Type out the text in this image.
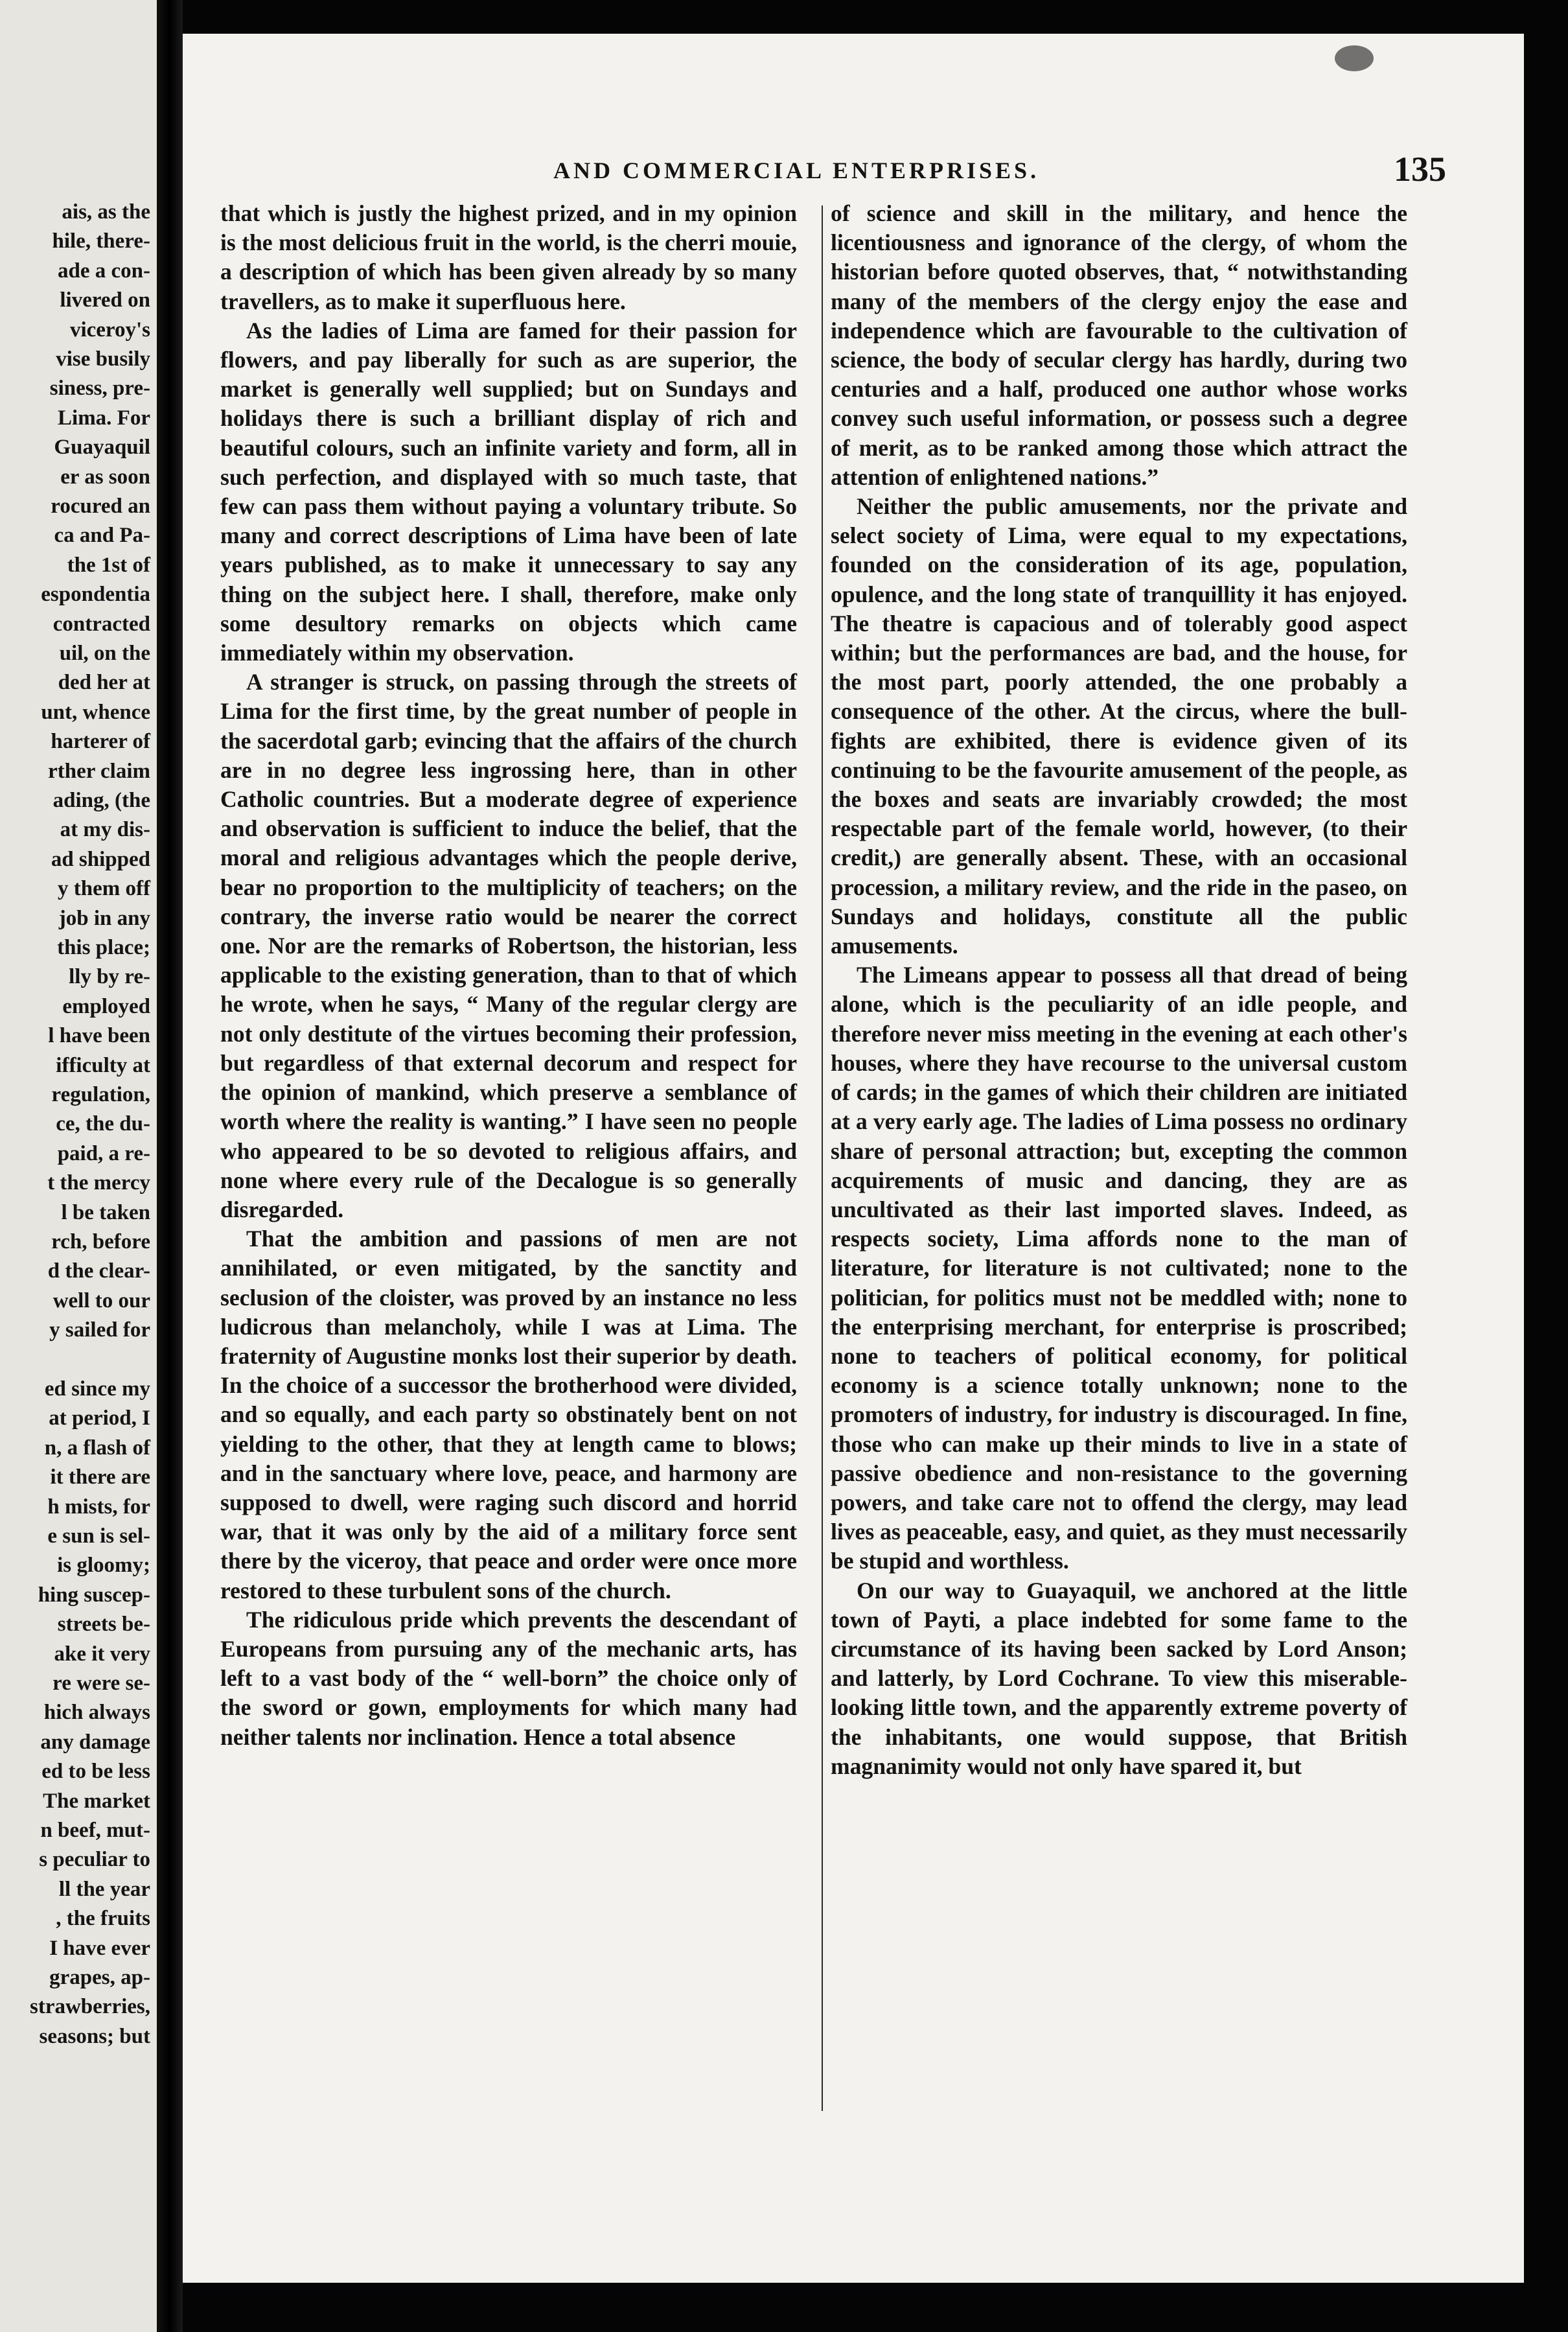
ais, as the
hile, there-
ade a con-
livered on
viceroy's
vise busily
siness, pre-
Lima. For
Guayaquil
er as soon
rocured an
ca and Pa-
the 1st of
espondentia
contracted
uil, on the
ded her at
unt, whence
harterer of
rther claim
ading, (the
at my dis-
ad shipped
y them off
job in any
this place;
lly by re-
employed
l have been
ifficulty at
regulation,
ce, the du-
paid, a re-
t the mercy
l be taken
rch, before
d the clear-
well to our
y sailed for
ed since my
at period, I
n, a flash of
it there are
h mists, for
e sun is sel-
is gloomy;
hing suscep-
streets be-
ake it very
re were se-
hich always
any damage
ed to be less
The market
n beef, mut-
s peculiar to
ll the year
, the fruits
I have ever
grapes, ap-
strawberries,
seasons; but
AND COMMERCIAL ENTERPRISES.	135

that which is justly the highest prized, and in my opinion is the most delicious fruit in the world, is the cherri mouie, a description of which has been given already by so many travellers, as to make it superfluous here.

As the ladies of Lima are famed for their passion for flowers, and pay liberally for such as are superior, the market is generally well supplied; but on Sundays and holidays there is such a brilliant display of rich and beautiful colours, such an infinite variety and form, all in such perfection, and displayed with so much taste, that few can pass them without paying a voluntary tribute. So many and correct descriptions of Lima have been of late years published, as to make it unnecessary to say any thing on the subject here. I shall, therefore, make only some desultory remarks on objects which came immediately within my observation.

A stranger is struck, on passing through the streets of Lima for the first time, by the great number of people in the sacerdotal garb; evincing that the affairs of the church are in no degree less ingrossing here, than in other Catholic countries. But a moderate degree of experience and observation is sufficient to induce the belief, that the moral and religious advantages which the people derive, bear no proportion to the multiplicity of teachers; on the contrary, the inverse ratio would be nearer the correct one. Nor are the remarks of Robertson, the historian, less applicable to the existing generation, than to that of which he wrote, when he says, “ Many of the regular clergy are not only destitute of the virtues becoming their profession, but regardless of that external decorum and respect for the opinion of mankind, which preserve a semblance of worth where the reality is wanting.” I have seen no people who appeared to be so devoted to religious affairs, and none where every rule of the Decalogue is so generally disregarded.

That the ambition and passions of men are not annihilated, or even mitigated, by the sanctity and seclusion of the cloister, was proved by an instance no less ludicrous than melancholy, while I was at Lima. The fraternity of Augustine monks lost their superior by death. In the choice of a successor the brotherhood were divided, and so equally, and each party so obstinately bent on not yielding to the other, that they at length came to blows; and in the sanctuary where love, peace, and harmony are supposed to dwell, were raging such discord and horrid war, that it was only by the aid of a military force sent there by the viceroy, that peace and order were once more restored to these turbulent sons of the church.

The ridiculous pride which prevents the descendant of Europeans from pursuing any of the mechanic arts, has left to a vast body of the “ well-born” the choice only of the sword or gown, employments for which many had neither talents nor inclination. Hence a total absence

of science and skill in the military, and hence the licentiousness and ignorance of the clergy, of whom the historian before quoted observes, that, “ notwithstanding many of the members of the clergy enjoy the ease and independence which are favourable to the cultivation of science, the body of secular clergy has hardly, during two centuries and a half, produced one author whose works convey such useful information, or possess such a degree of merit, as to be ranked among those which attract the attention of enlightened nations.”

Neither the public amusements, nor the private and select society of Lima, were equal to my expectations, founded on the consideration of its age, population, opulence, and the long state of tranquillity it has enjoyed. The theatre is capacious and of tolerably good aspect within; but the performances are bad, and the house, for the most part, poorly attended, the one probably a consequence of the other. At the circus, where the bull-fights are exhibited, there is evidence given of its continuing to be the favourite amusement of the people, as the boxes and seats are invariably crowded; the most respectable part of the female world, however, (to their credit,) are generally absent. These, with an occasional procession, a military review, and the ride in the paseo, on Sundays and holidays, constitute all the public amusements.

The Limeans appear to possess all that dread of being alone, which is the peculiarity of an idle people, and therefore never miss meeting in the evening at each other's houses, where they have recourse to the universal custom of cards; in the games of which their children are initiated at a very early age. The ladies of Lima possess no ordinary share of personal attraction; but, excepting the common acquirements of music and dancing, they are as uncultivated as their last imported slaves. Indeed, as respects society, Lima affords none to the man of literature, for literature is not cultivated; none to the politician, for politics must not be meddled with; none to the enterprising merchant, for enterprise is proscribed; none to teachers of political economy, for political economy is a science totally unknown; none to the promoters of industry, for industry is discouraged. In fine, those who can make up their minds to live in a state of passive obedience and non-resistance to the governing powers, and take care not to offend the clergy, may lead lives as peaceable, easy, and quiet, as they must necessarily be stupid and worthless.

On our way to Guayaquil, we anchored at the little town of Payti, a place indebted for some fame to the circumstance of its having been sacked by Lord Anson; and latterly, by Lord Cochrane. To view this miserable-looking little town, and the apparently extreme poverty of the inhabitants, one would suppose, that British magnanimity would not only have spared it, but
